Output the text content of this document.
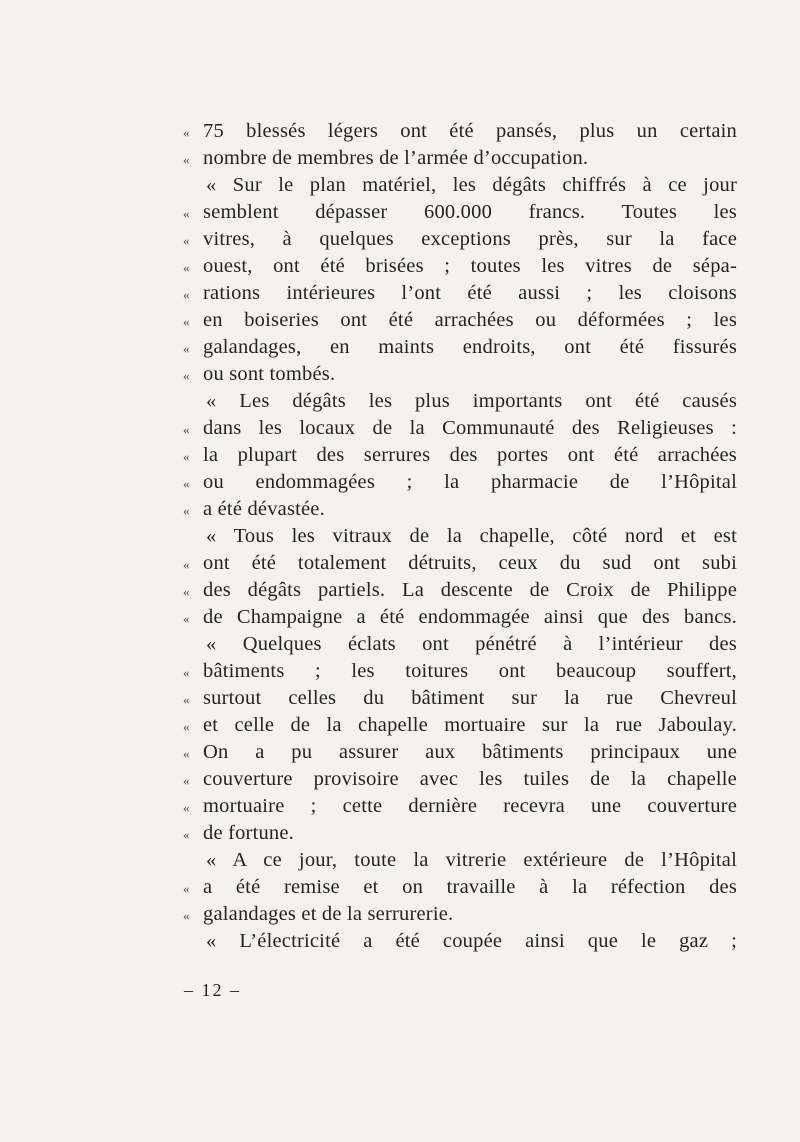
« 75 blessés légers ont été pansés, plus un certain
« nombre de membres de l’armée d’occupation.
« Sur le plan matériel, les dégâts chiffrés à ce jour
« semblent dépasser 600.000 francs. Toutes les
« vitres, à quelques exceptions près, sur la face
« ouest, ont été brisées ; toutes les vitres de sépa-
« rations intérieures l’ont été aussi ; les cloisons
« en boiseries ont été arrachées ou déformées ; les
« galandages, en maints endroits, ont été fissurés
« ou sont tombés.
« Les dégâts les plus importants ont été causés
« dans les locaux de la Communauté des Religieuses :
« la plupart des serrures des portes ont été arrachées
« ou endommagées ; la pharmacie de l’Hôpital
« a été dévastée.
« Tous les vitraux de la chapelle, côté nord et est
« ont été totalement détruits, ceux du sud ont subi
« des dégâts partiels. La descente de Croix de Philippe
« de Champaigne a été endommagée ainsi que des bancs.
« Quelques éclats ont pénétré à l’intérieur des
« bâtiments ; les toitures ont beaucoup souffert,
« surtout celles du bâtiment sur la rue Chevreul
« et celle de la chapelle mortuaire sur la rue Jaboulay.
« On a pu assurer aux bâtiments principaux une
« couverture provisoire avec les tuiles de la chapelle
« mortuaire ; cette dernière recevra une couverture
« de fortune.
« A ce jour, toute la vitrerie extérieure de l’Hôpital
« a été remise et on travaille à la réfection des
« galandages et de la serrurerie.
« L’électricité a été coupée ainsi que le gaz ;
– 12 –
